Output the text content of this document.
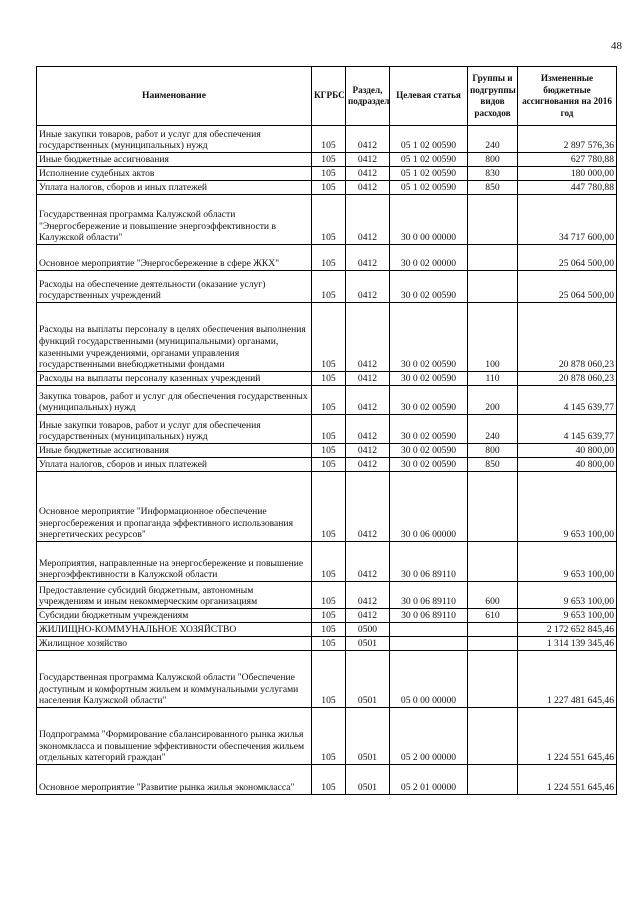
48
Наименование	КГРБС	Раздел, подраздел	Целевая статья	Группы и подгруппы видов расходов	Измененные бюджетные ассигнования на 2016 год
Иные закупки товаров, работ и услуг для обеспечения государственных (муниципальных) нужд	105	0412	05 1 02 00590	240	2 897 576,36
Иные бюджетные ассигнования	105	0412	05 1 02 00590	800	627 780,88
Исполнение судебных актов	105	0412	05 1 02 00590	830	180 000,00
Уплата налогов, сборов и иных платежей	105	0412	05 1 02 00590	850	447 780,88
Государственная программа Калужской области "Энергосбережение и повышение энергоэффективности в Калужской области"	105	0412	30 0 00 00000		34 717 600,00
Основное мероприятие "Энергосбережение в сфере ЖКХ"	105	0412	30 0 02 00000		25 064 500,00
Расходы на обеспечение деятельности (оказание услуг) государственных учреждений	105	0412	30 0 02 00590		25 064 500,00
Расходы на выплаты персоналу в целях обеспечения выполнения функций государственными (муниципальными) органами, казенными учреждениями, органами управления государственными внебюджетными фондами	105	0412	30 0 02 00590	100	20 878 060,23
Расходы на выплаты персоналу казенных учреждений	105	0412	30 0 02 00590	110	20 878 060,23
Закупка товаров, работ и услуг для обеспечения государственных (муниципальных) нужд	105	0412	30 0 02 00590	200	4 145 639,77
Иные закупки товаров, работ и услуг для обеспечения государственных (муниципальных) нужд	105	0412	30 0 02 00590	240	4 145 639,77
Иные бюджетные ассигнования	105	0412	30 0 02 00590	800	40 800,00
Уплата налогов, сборов и иных платежей	105	0412	30 0 02 00590	850	40 800,00
Основное мероприятие "Информационное обеспечение энергосбережения и пропаганда эффективного использования энергетических ресурсов"	105	0412	30 0 06 00000		9 653 100,00
Мероприятия, направленные на энергосбережение и повышение энергоэффективности в Калужской области	105	0412	30 0 06 89110		9 653 100,00
Предоставление субсидий бюджетным, автономным учреждениям и иным некоммерческим организациям	105	0412	30 0 06 89110	600	9 653 100,00
Субсидии бюджетным учреждениям	105	0412	30 0 06 89110	610	9 653 100,00
ЖИЛИЩНО-КОММУНАЛЬНОЕ ХОЗЯЙСТВО	105	0500			2 172 652 845,46
Жилищное хозяйство	105	0501			1 314 139 345,46
Государственная программа Калужской области "Обеспечение доступным и комфортным жильем и коммунальными услугами населения Калужской области"	105	0501	05 0 00 00000		1 227 481 645,46
Подпрограмма "Формирование сбалансированного рынка жилья экономкласса и повышение эффективности обеспечения жильем отдельных категорий граждан"	105	0501	05 2 00 00000		1 224 551 645,46
Основное мероприятие "Развитие рынка жилья экономкласса"	105	0501	05 2 01 00000		1 224 551 645,46
